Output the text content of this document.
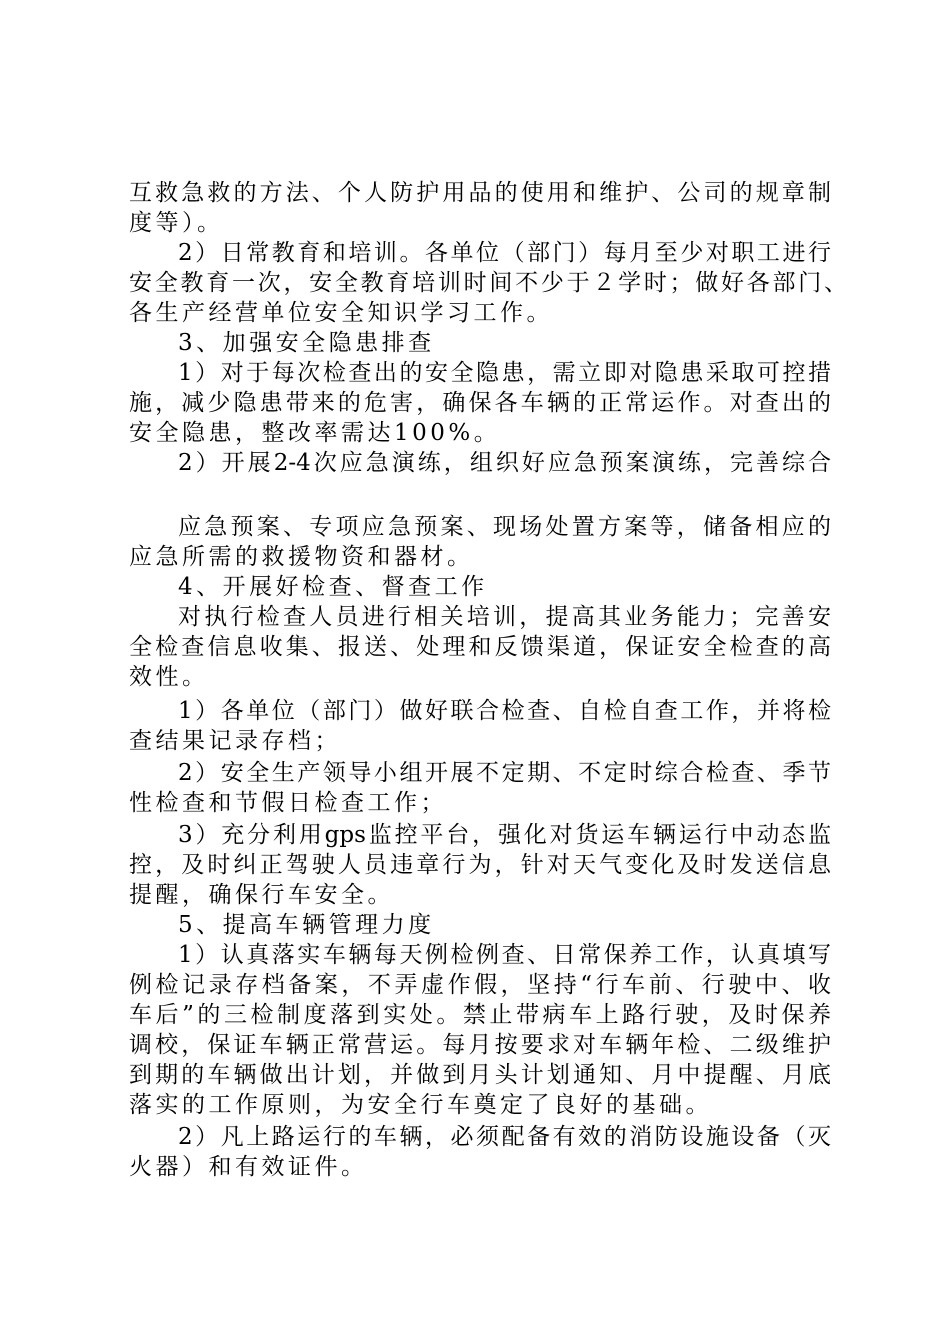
互救急救的方法、个人防护用品的使用和维护、公司的规章制
度等）。
2）日常教育和培训。各单位（部门）每月至少对职工进行
安全教育一次，安全教育培训时间不少于２学时；做好各部门、
各生产经营单位安全知识学习工作。
3、加强安全隐患排查
1）对于每次检查出的安全隐患，需立即对隐患采取可控措
施，减少隐患带来的危害，确保各车辆的正常运作。对查出的
安全隐患，整改率需达100%。
2）开展2-4次应急演练，组织好应急预案演练，完善综合
应急预案、专项应急预案、现场处置方案等，储备相应的
应急所需的救援物资和器材。
4、开展好检查、督查工作
对执行检查人员进行相关培训，提高其业务能力；完善安
全检查信息收集、报送、处理和反馈渠道，保证安全检查的高
效性。
1）各单位（部门）做好联合检查、自检自查工作，并将检
查结果记录存档；
2）安全生产领导小组开展不定期、不定时综合检查、季节
性检查和节假日检查工作；
3）充分利用gps监控平台，强化对货运车辆运行中动态监
控，及时纠正驾驶人员违章行为，针对天气变化及时发送信息
提醒，确保行车安全。
5、提高车辆管理力度
1）认真落实车辆每天例检例查、日常保养工作，认真填写
例检记录存档备案，不弄虚作假，坚持“行车前、行驶中、收
车后”的三检制度落到实处。禁止带病车上路行驶，及时保养
调校，保证车辆正常营运。每月按要求对车辆年检、二级维护
到期的车辆做出计划，并做到月头计划通知、月中提醒、月底
落实的工作原则，为安全行车奠定了良好的基础。
2）凡上路运行的车辆，必须配备有效的消防设施设备（灭
火器）和有效证件。
